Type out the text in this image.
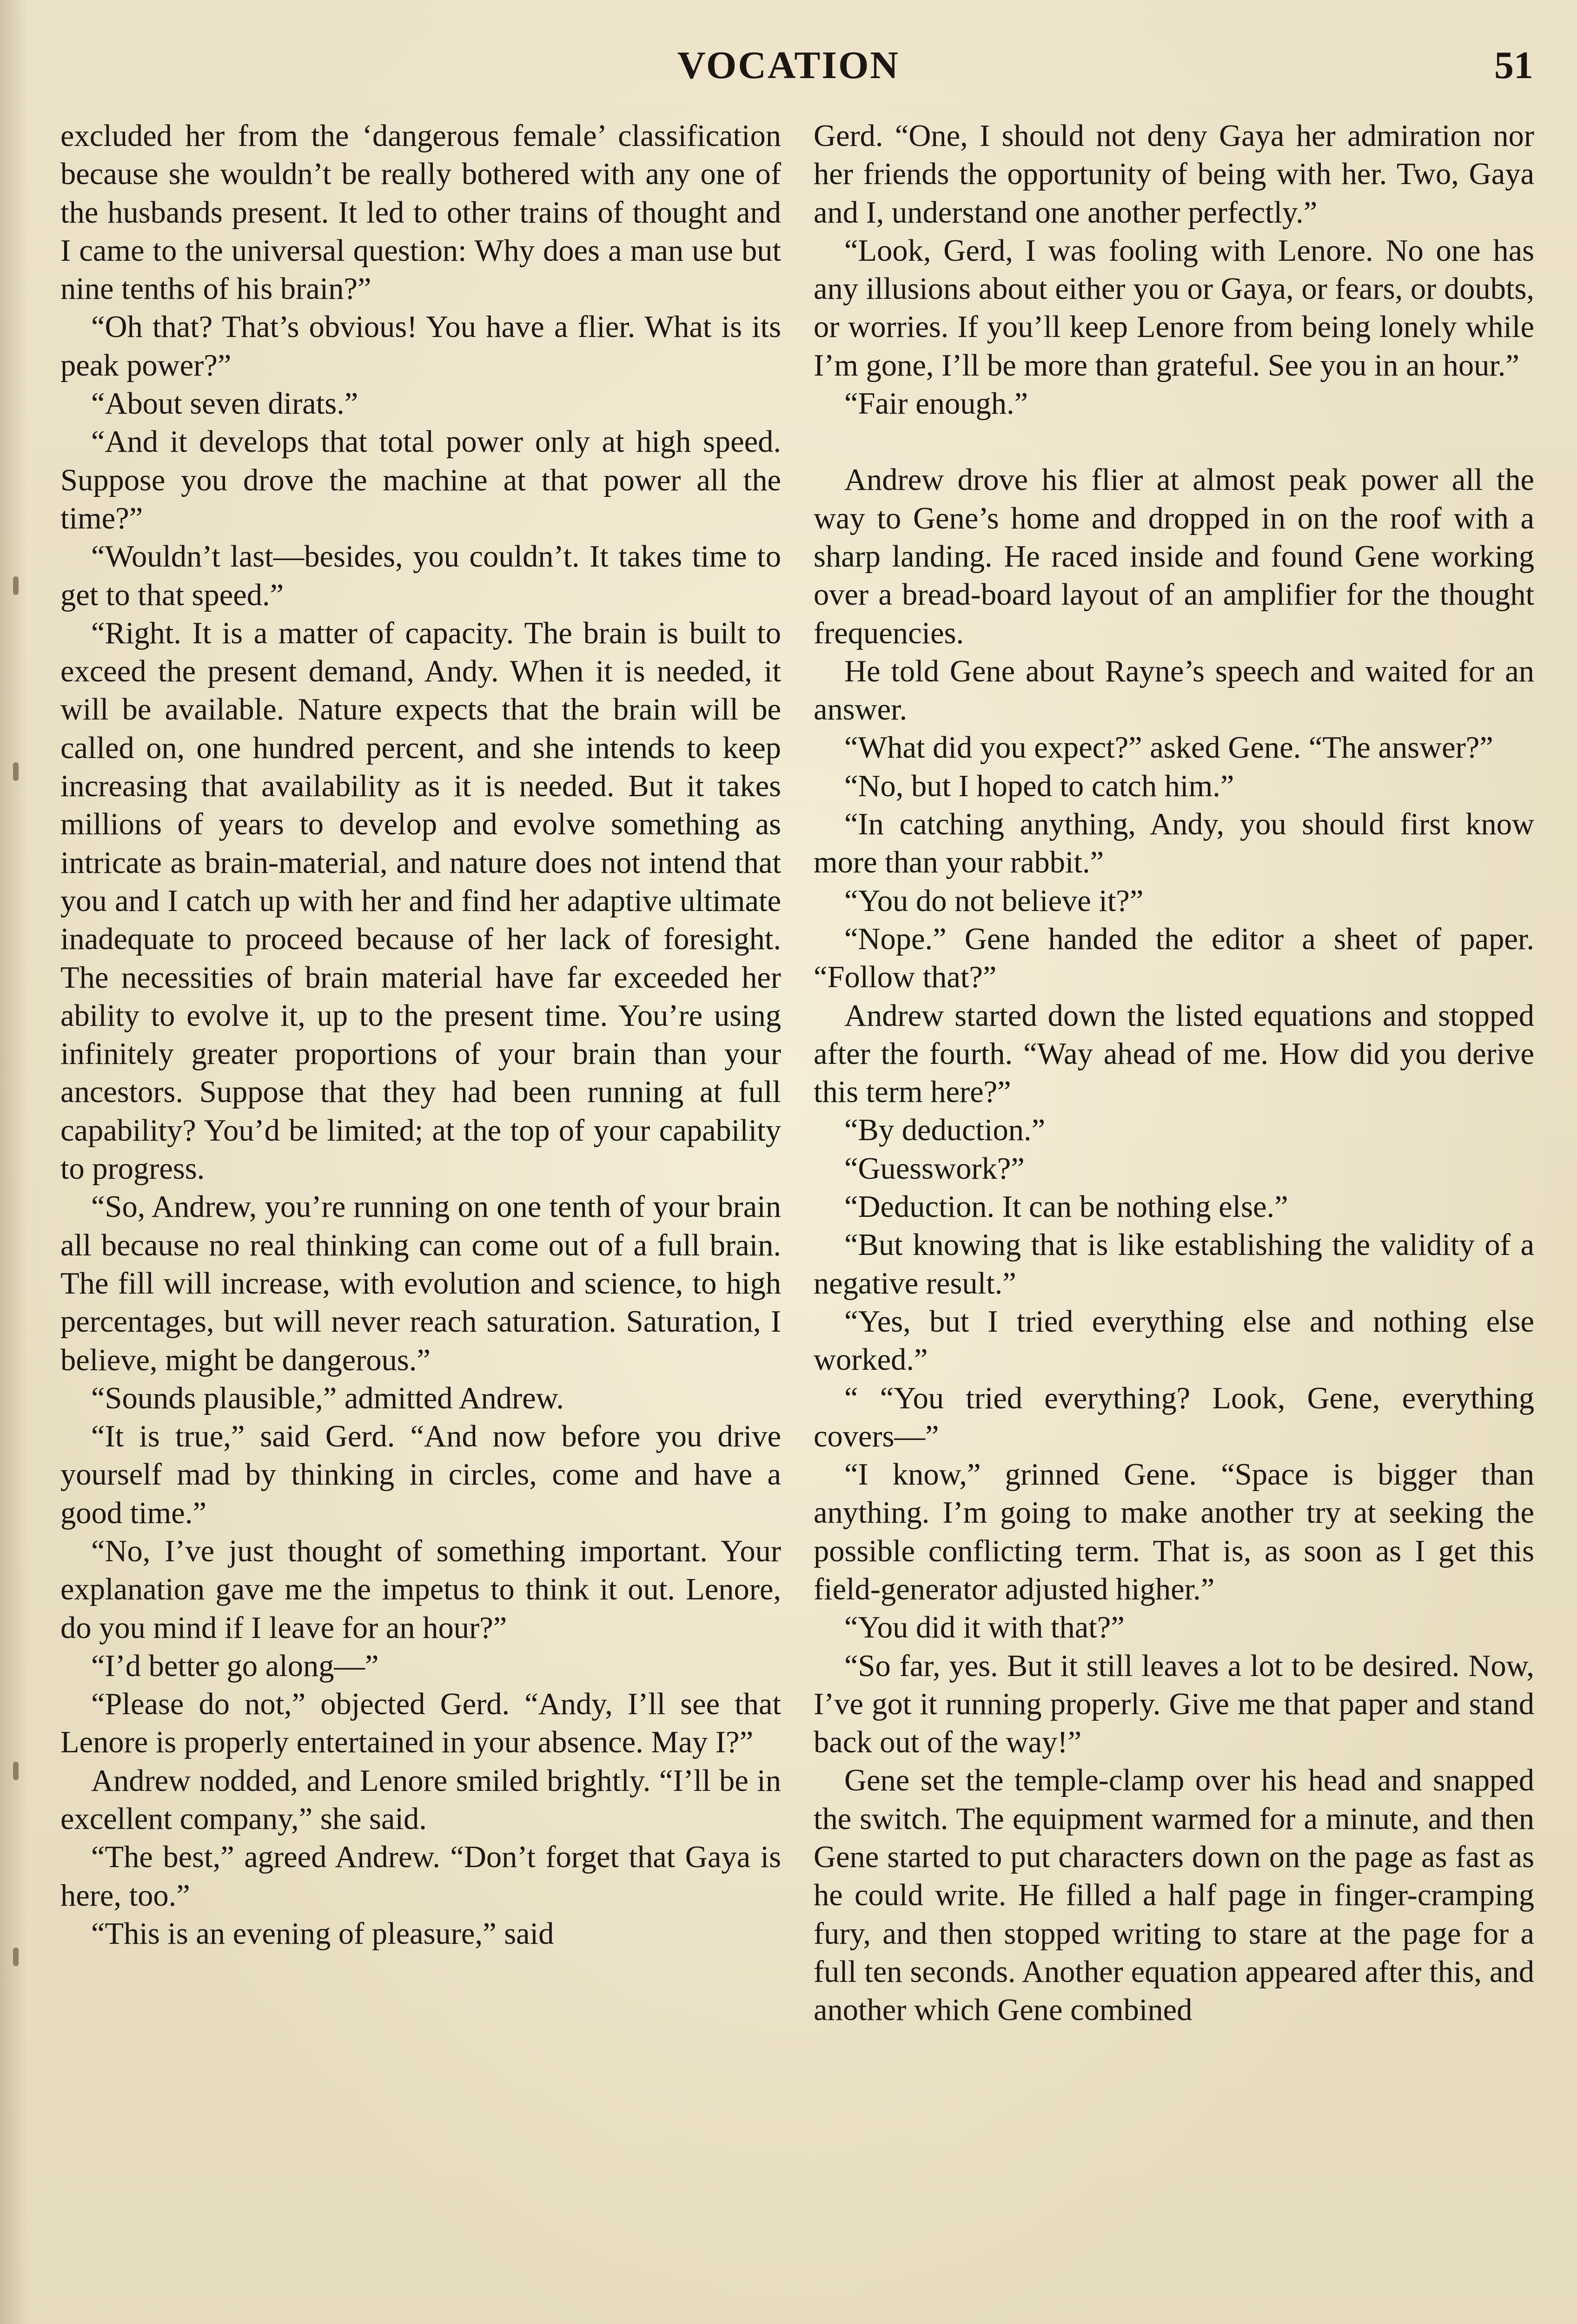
VOCATION	51

excluded her from the ‘dangerous female’ classification because she wouldn’t be really bothered with any one of the husbands present. It led to other trains of thought and I came to the universal question: Why does a man use but nine tenths of his brain?”

“Oh that? That’s obvious! You have a flier. What is its peak power?”

“About seven dirats.”

“And it develops that total power only at high speed. Suppose you drove the machine at that power all the time?”

“Wouldn’t last—besides, you couldn’t. It takes time to get to that speed.”

“Right. It is a matter of capacity. The brain is built to exceed the present demand, Andy. When it is needed, it will be available. Nature expects that the brain will be called on, one hundred percent, and she intends to keep increasing that availability as it is needed. But it takes millions of years to develop and evolve something as intricate as brain-material, and nature does not intend that you and I catch up with her and find her adaptive ultimate inadequate to proceed because of her lack of foresight. The necessities of brain material have far exceeded her ability to evolve it, up to the present time. You’re using infinitely greater proportions of your brain than your ancestors. Suppose that they had been running at full capability? You’d be limited; at the top of your capability to progress.

“So, Andrew, you’re running on one tenth of your brain all because no real thinking can come out of a full brain. The fill will increase, with evolution and science, to high percentages, but will never reach saturation. Saturation, I believe, might be dangerous.”

“Sounds plausible,” admitted Andrew.

“It is true,” said Gerd. “And now before you drive yourself mad by thinking in circles, come and have a good time.”

“No, I’ve just thought of something important. Your explanation gave me the impetus to think it out. Lenore, do you mind if I leave for an hour?”

“I’d better go along—”

“Please do not,” objected Gerd. “Andy, I’ll see that Lenore is properly entertained in your absence. May I?”

Andrew nodded, and Lenore smiled brightly. “I’ll be in excellent company,” she said.

“The best,” agreed Andrew. “Don’t forget that Gaya is here, too.”

“This is an evening of pleasure,” said

Gerd. “One, I should not deny Gaya her admiration nor her friends the opportunity of being with her. Two, Gaya and I, understand one another perfectly.”

“Look, Gerd, I was fooling with Lenore. No one has any illusions about either you or Gaya, or fears, or doubts, or worries. If you’ll keep Lenore from being lonely while I’m gone, I’ll be more than grateful. See you in an hour.”

“Fair enough.”

Andrew drove his flier at almost peak power all the way to Gene’s home and dropped in on the roof with a sharp landing. He raced inside and found Gene working over a bread-board layout of an amplifier for the thought frequencies.

He told Gene about Rayne’s speech and waited for an answer.

“What did you expect?” asked Gene. “The answer?”

“No, but I hoped to catch him.”

“In catching anything, Andy, you should first know more than your rabbit.”

“You do not believe it?”

“Nope.” Gene handed the editor a sheet of paper. “Follow that?”

Andrew started down the listed equations and stopped after the fourth. “Way ahead of me. How did you derive this term here?”

“By deduction.”

“Guesswork?”

“Deduction. It can be nothing else.”

“But knowing that is like establishing the validity of a negative result.”

“Yes, but I tried everything else and nothing else worked.”

“ “You tried everything? Look, Gene, everything covers—”

“I know,” grinned Gene. “Space is bigger than anything. I’m going to make another try at seeking the possible conflicting term. That is, as soon as I get this field-generator adjusted higher.”

“You did it with that?”

“So far, yes. But it still leaves a lot to be desired. Now, I’ve got it running properly. Give me that paper and stand back out of the way!”

Gene set the temple-clamp over his head and snapped the switch. The equipment warmed for a minute, and then Gene started to put characters down on the page as fast as he could write. He filled a half page in finger-cramping fury, and then stopped writing to stare at the page for a full ten seconds. Another equation appeared after this, and another which Gene combined
